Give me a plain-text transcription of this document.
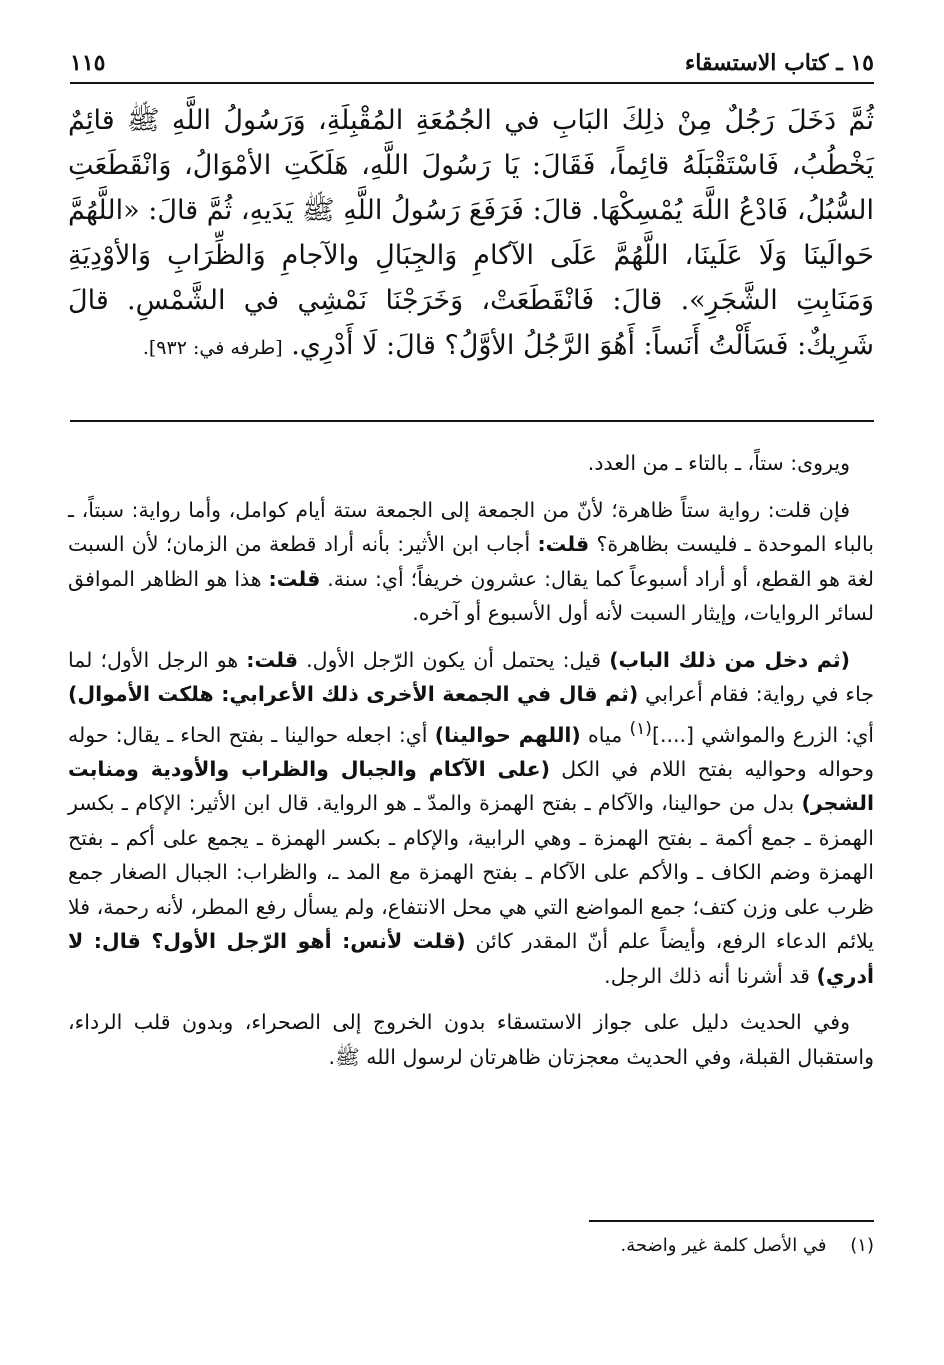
١٥ ـ كتاب الاستسقاء
١١٥
ثُمَّ دَخَلَ رَجُلٌ مِنْ ذلِكَ البَابِ في الجُمُعَةِ المُقْبِلَةِ، وَرَسُولُ اللَّهِ ﷺ قائِمٌ يَخْطُبُ، فَاسْتَقْبَلَهُ قائِماً، فَقَالَ: يَا رَسُولَ اللَّهِ، هَلَكَتِ الأمْوَالُ، وَانْقَطَعَتِ السُّبُلُ، فَادْعُ اللَّهَ يُمْسِكْهَا. قالَ: فَرَفَعَ رَسُولُ اللَّهِ ﷺ يَدَيهِ، ثُمَّ قالَ: «اللَّهُمَّ حَوالَينَا وَلَا عَلَينَا، اللَّهُمَّ عَلَى الآكامِ وَالجِبَالِ والآجامِ وَالظِّرَابِ وَالأوْدِيَةِ وَمَنَابِتِ الشَّجَرِ». قالَ: فَانْقَطَعَتْ، وَخَرَجْنَا نَمْشِي في الشَّمْسِ. قالَ شَرِيكٌ: فَسَأَلْتُ أَنَساً: أَهُوَ الرَّجُلُ الأوَّلُ؟ قالَ: لَا أَدْرِي. [طرفه في: ٩٣٢].

ويروى: ستاً، ـ بالتاء ـ من العدد.

فإن قلت: رواية ستاً ظاهرة؛ لأنّ من الجمعة إلى الجمعة ستة أيام كوامل، وأما رواية: سبتاً، ـ بالباء الموحدة ـ فليست بظاهرة؟ قلت: أجاب ابن الأثير: بأنه أراد قطعة من الزمان؛ لأن السبت لغة هو القطع، أو أراد أسبوعاً كما يقال: عشرون خريفاً؛ أي: سنة. قلت: هذا هو الظاهر الموافق لسائر الروايات، وإيثار السبت لأنه أول الأسبوع أو آخره.

(ثم دخل من ذلك الباب) قيل: يحتمل أن يكون الرّجل الأول. قلت: هو الرجل الأول؛ لما جاء في رواية: فقام أعرابي (ثم قال في الجمعة الأخرى ذلك الأعرابي: هلكت الأموال) أي: الزرع والمواشي [....]$^{(١)}$ مياه (اللهم حوالينا) أي: اجعله حوالينا ـ بفتح الحاء ـ يقال: حوله وحواله وحواليه بفتح اللام في الكل (على الآكام والجبال والظراب والأودية ومنابت الشجر) بدل من حوالينا، والآكام ـ بفتح الهمزة والمدّ ـ هو الرواية. قال ابن الأثير: الإكام ـ بكسر الهمزة ـ جمع أكمة ـ بفتح الهمزة ـ وهي الرابية، والإكام ـ بكسر الهمزة ـ يجمع على أكم ـ بفتح الهمزة وضم الكاف ـ والأكم على الآكام ـ بفتح الهمزة مع المد ـ، والظراب: الجبال الصغار جمع ظرب على وزن كتف؛ جمع المواضع التي هي محل الانتفاع، ولم يسأل رفع المطر، لأنه رحمة، فلا يلائم الدعاء الرفع، وأيضاً علم أنّ المقدر كائن (قلت لأنس: أهو الرّجل الأول؟ قال: لا أدري) قد أشرنا أنه ذلك الرجل.

وفي الحديث دليل على جواز الاستسقاء بدون الخروج إلى الصحراء، وبدون قلب الرداء، واستقبال القبلة، وفي الحديث معجزتان ظاهرتان لرسول الله ﷺ.

(١) في الأصل كلمة غير واضحة.
